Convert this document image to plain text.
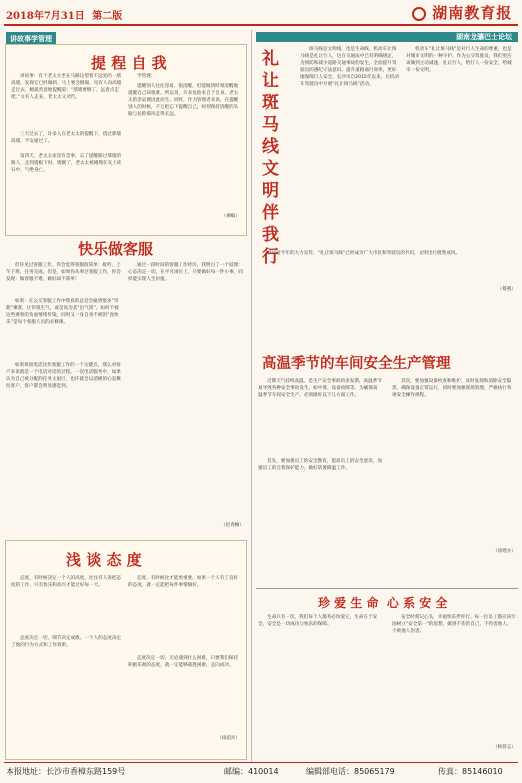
2018年7月31日 第二版	湖南教育报
讲故事学管理
提 程 自 我

讲故事：有个老太太坐在马路边望着不远处的一堵高墙，发现它已经倾斜，马上要会倒塌，见有人向高墙走过去，她就善意地提醒道：“那墙要倒了，远着点走吧。”文有人走来，老太太又劝告。

三天过去了，许多人在老太太的提醒下，绕过那墙高墙，平安通过了。

第四天，老太太家里有急事，忘了提醒路过那墙的路人，走到墙根下时，墙倒了，老太太被掩埋在灰土砖石中，气绝身亡。

学管理：

提醒别人往往容易，很清醒，但能做到时刻清醒地提醒自己却很难。所以说，许多危险来自于自身。老太太的悲哀便因此而生。同样，作为管理者来说，在提醒别人的时候，不万把忘下提醒自己，时刻保持清醒的头脑与危险那块走得长远。

（摘编）
快乐做客服

但你见过客服工作，你会觉得客服很简单：接听、上午下班、任务完成。但是，如果你从事过客服工作，你会发现：做客服不难，做好却不简单！

如果：在公交客服工作中我真的总是会碰到很多“奇葩”乘客，让你很生气，或是说为其“出气筒”。如何不被这些乘客的负面情绪传染，同时又一身自身不被的“真快乐”是每个客服人员的必修课。

如果将接电话比作客服工作的一个关键点，那么对客户来说就是一个电话对话的过程。一次电话服务中，如果认为自己被分配的任务太艰巨，也许就会以消极的心态敷衍客户，客户都会明显感觉到。

通过一段时间的客服工作经历，我明白了一个道理：心态决定一切。在平凡岗位上，只要做好每一件小事，同样能实现人生价值。

（赵春楠）
浅 谈 态 度

态度，有时候决定一个人的高度，往往有人说把态度的工作，只有快乐和高兴才能过好每一天。

态度决定一切，细节决定成败。一个人的态度决定了他的行为方式和工作效果。

态度，有时候比才能更重要。如果一个人有了良好的态度，就一定能把每件事情做好。

态度决定一切。无论遇到什么困难，只要我们保持积极乐观的态度，就一定能够战胜困难，走向成功。

（徐超兵）
湖南龙骧巴士论坛
礼让斑马线 文明伴我行

斑马线是文明线，也是生命线。机动车让斑马线是礼让行人，这在交通法中已有明确规定，为预防和减少道路交通事故的发生，全面提升驾驶员的遵纪守法意识，提升道路通行效率，更好地保障行人安全，长沙市自2015年以来，在机动车驾驶员中开展“礼让斑马线”活动。

机动车“礼让斑马线”是对行人生命的尊重，也是对城市文明的一种守护。作为公交驾驶员，我们更应该做到主动减速，礼让行人，给行人一份安全，给城市一份文明。

经过近半年的大力宣传，“礼让斑马线”已经成为广大市民和驾驶员的共识，文明出行蔚然成风。

（蔡燕）
高温季节的车间安全生产管理

近期天气持续高温，是生产安全事故的多发期，高温季节易导致各种安全事故发生，如中暑、设备故障等。为确保高温季节车间安全生产，必须做好以下几方面工作。

首先，要加强员工的安全教育，提高员工的安全意识，加强员工的自我保护能力，做好防暑降温工作。

其次，要加强设备检查和维护，及时发现和消除安全隐患，确保设备正常运行，同时要加强现场管理，严格执行各项安全操作规程。

（徐建兵）
珍 爱 生 命  心 系 安 全

生命只有一次，我们每个人都务必珍爱它，生命在于安全，安全是一切成功与快乐的保障。

安全时刻记心头，幸福快乐伴你行。每一位员工都应该牢固树立“安全第一”的思想，做到不伤害自己、不伤害他人、不被他人伤害。

（杨曾志）
本报地址：长沙市香樟东路159号	邮编：410014	编辑部电话：85065179	传真：85146010
